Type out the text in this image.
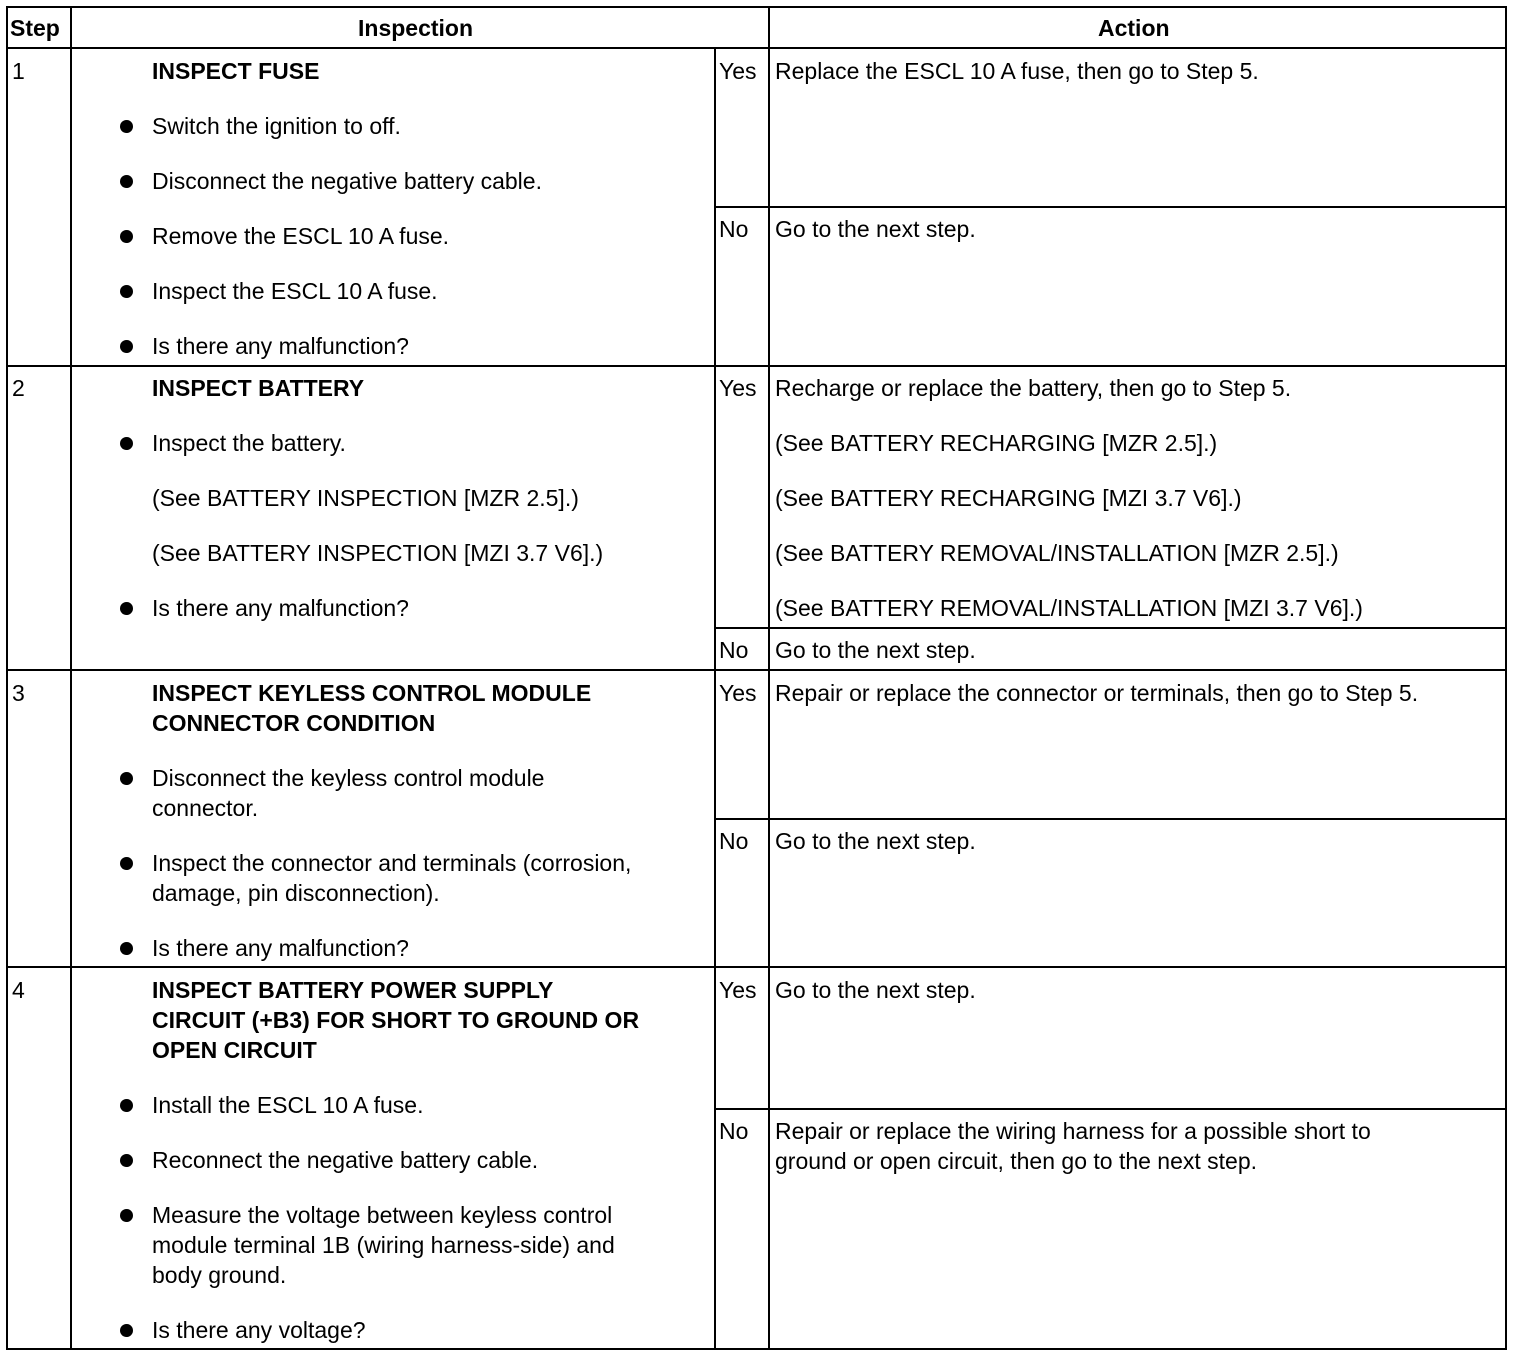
Step	Inspection	Action
1	INSPECT FUSE
Switch the ignition to off.
Disconnect the negative battery cable.
Remove the ESCL 10 A fuse.
Inspect the ESCL 10 A fuse.
Is there any malfunction?
Yes Replace the ESCL 10 A fuse, then go to Step 5.
No Go to the next step.
2	INSPECT BATTERY
Inspect the battery.
(See BATTERY INSPECTION [MZR 2.5].)
(See BATTERY INSPECTION [MZI 3.7 V6].)
Is there any malfunction?
Yes Recharge or replace the battery, then go to Step 5.
(See BATTERY RECHARGING [MZR 2.5].)
(See BATTERY RECHARGING [MZI 3.7 V6].)
(See BATTERY REMOVAL/INSTALLATION [MZR 2.5].)
(See BATTERY REMOVAL/INSTALLATION [MZI 3.7 V6].)
No Go to the next step.
3	INSPECT KEYLESS CONTROL MODULE
CONNECTOR CONDITION
Disconnect the keyless control module
connector.
Inspect the connector and terminals (corrosion,
damage, pin disconnection).
Is there any malfunction?
Yes Repair or replace the connector or terminals, then go to Step 5.
No Go to the next step.
4	INSPECT BATTERY POWER SUPPLY
CIRCUIT (+B3) FOR SHORT TO GROUND OR
OPEN CIRCUIT
Install the ESCL 10 A fuse.
Reconnect the negative battery cable.
Measure the voltage between keyless control
module terminal 1B (wiring harness-side) and
body ground.
Is there any voltage?
Yes Go to the next step.
No Repair or replace the wiring harness for a possible short to
ground or open circuit, then go to the next step.
